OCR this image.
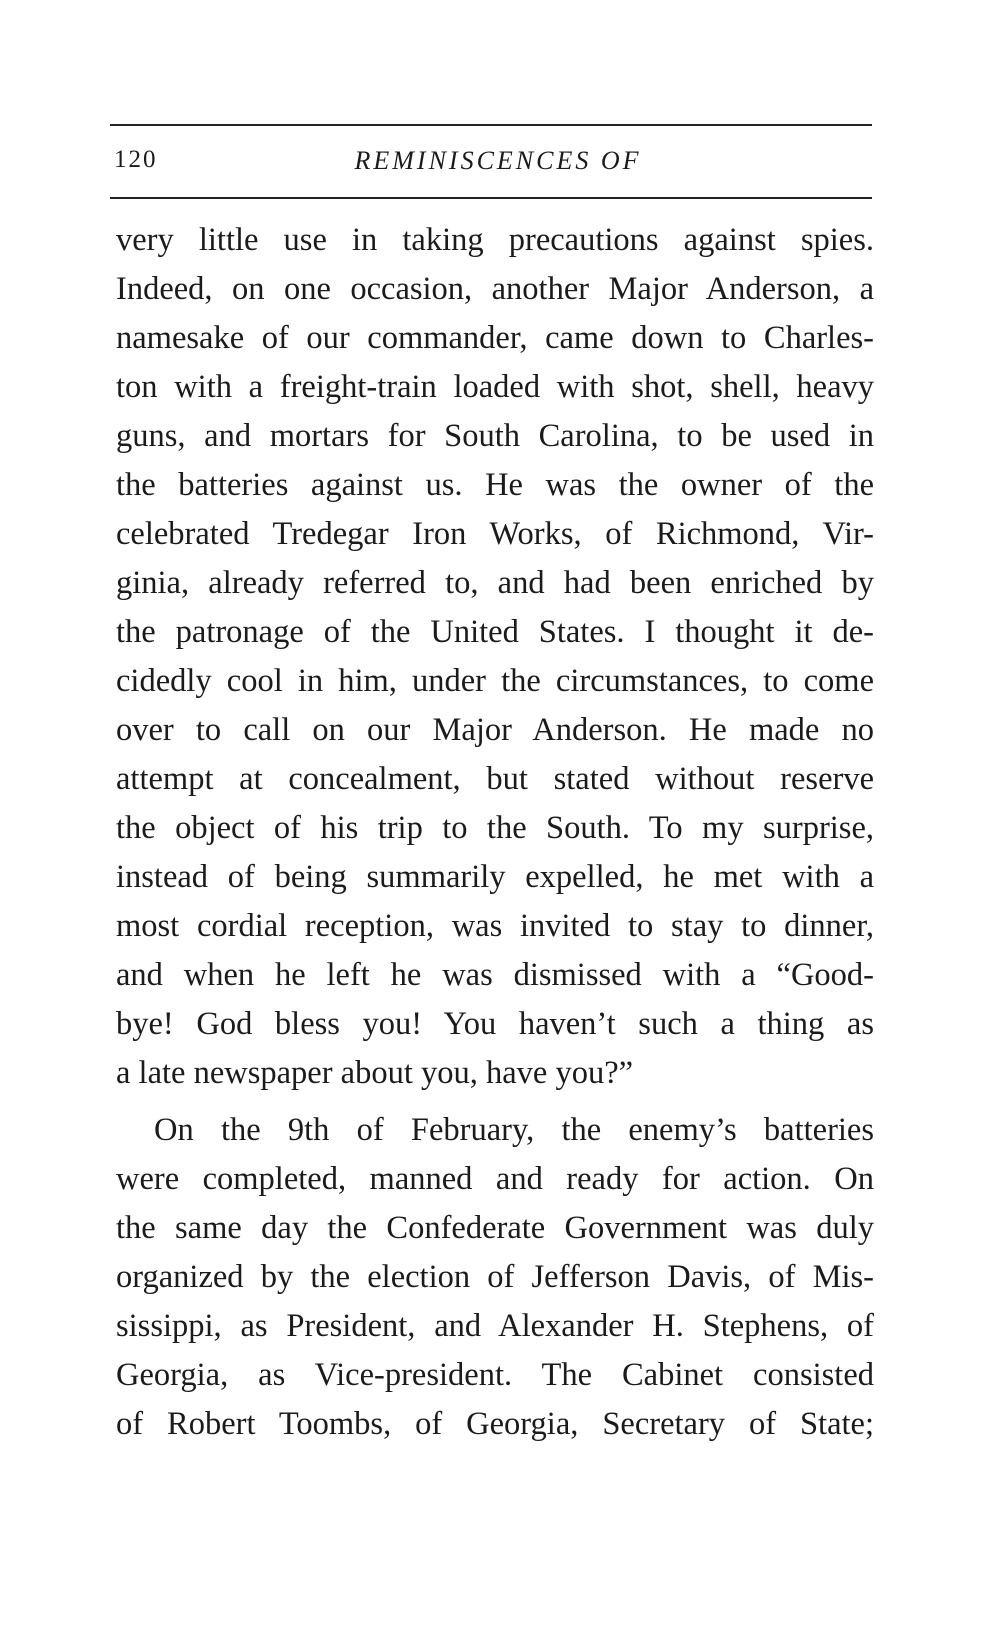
120	REMINISCENCES OF
very little use in taking precautions against spies.
Indeed, on one occasion, another Major Anderson, a
namesake of our commander, came down to Charles-
ton with a freight-train loaded with shot, shell, heavy
guns, and mortars for South Carolina, to be used in
the batteries against us. He was the owner of the
celebrated Tredegar Iron Works, of Richmond, Vir-
ginia, already referred to, and had been enriched by
the patronage of the United States. I thought it de-
cidedly cool in him, under the circumstances, to come
over to call on our Major Anderson. He made no
attempt at concealment, but stated without reserve
the object of his trip to the South. To my surprise,
instead of being summarily expelled, he met with a
most cordial reception, was invited to stay to dinner,
and when he left he was dismissed with a “Good-
bye! God bless you! You haven’t such a thing as
a late newspaper about you, have you?”
On the 9th of February, the enemy’s batteries
were completed, manned and ready for action. On
the same day the Confederate Government was duly
organized by the election of Jefferson Davis, of Mis-
sissippi, as President, and Alexander H. Stephens, of
Georgia, as Vice-president. The Cabinet consisted
of Robert Toombs, of Georgia, Secretary of State;
